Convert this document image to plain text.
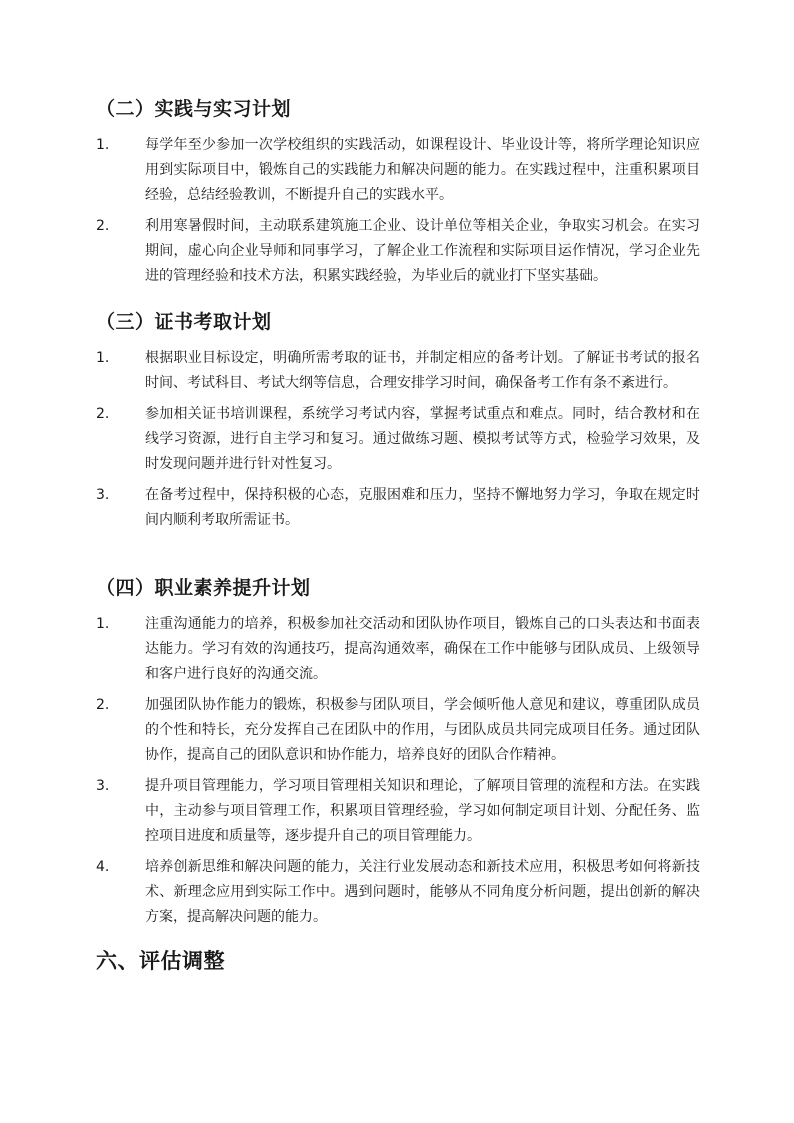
（二）实践与实习计划
1.	每学年至少参加一次学校组织的实践活动，如课程设计、毕业设计等，将所学理论知识应用到实际项目中，锻炼自己的实践能力和解决问题的能力。在实践过程中，注重积累项目经验，总结经验教训，不断提升自己的实践水平。
2.	利用寒暑假时间，主动联系建筑施工企业、设计单位等相关企业，争取实习机会。在实习期间，虚心向企业导师和同事学习，了解企业工作流程和实际项目运作情况，学习企业先进的管理经验和技术方法，积累实践经验，为毕业后的就业打下坚实基础。
（三）证书考取计划
1.	根据职业目标设定，明确所需考取的证书，并制定相应的备考计划。了解证书考试的报名时间、考试科目、考试大纲等信息，合理安排学习时间，确保备考工作有条不紊进行。
2.	参加相关证书培训课程，系统学习考试内容，掌握考试重点和难点。同时，结合教材和在线学习资源，进行自主学习和复习。通过做练习题、模拟考试等方式，检验学习效果，及时发现问题并进行针对性复习。
3.	在备考过程中，保持积极的心态，克服困难和压力，坚持不懈地努力学习，争取在规定时间内顺利考取所需证书。
（四）职业素养提升计划
1.	注重沟通能力的培养，积极参加社交活动和团队协作项目，锻炼自己的口头表达和书面表达能力。学习有效的沟通技巧，提高沟通效率，确保在工作中能够与团队成员、上级领导和客户进行良好的沟通交流。
2.	加强团队协作能力的锻炼，积极参与团队项目，学会倾听他人意见和建议，尊重团队成员的个性和特长，充分发挥自己在团队中的作用，与团队成员共同完成项目任务。通过团队协作，提高自己的团队意识和协作能力，培养良好的团队合作精神。
3.	提升项目管理能力，学习项目管理相关知识和理论，了解项目管理的流程和方法。在实践中，主动参与项目管理工作，积累项目管理经验，学习如何制定项目计划、分配任务、监控项目进度和质量等，逐步提升自己的项目管理能力。
4.	培养创新思维和解决问题的能力，关注行业发展动态和新技术应用，积极思考如何将新技术、新理念应用到实际工作中。遇到问题时，能够从不同角度分析问题，提出创新的解决方案，提高解决问题的能力。
六、评估调整
